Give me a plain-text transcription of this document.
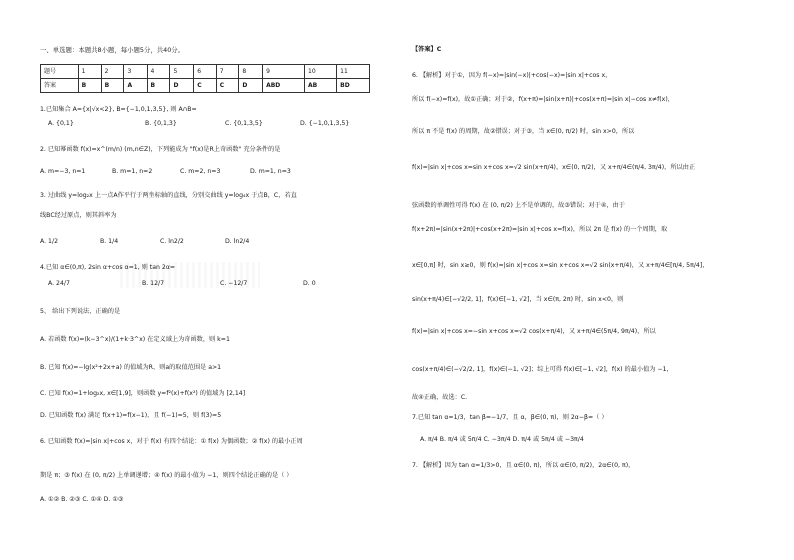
一、单选题：本题共8小题，每小题5分，共40分。
题号	1	2	3	4	5	6	7	8	9	10	11
答案	B	B	A	B	D	C	C	D	ABD	AB	BD
1.已知集合 A={x|√x<2}, B={−1,0,1,3,5}, 则 A∩B=
A. {0,1}	B. {0,1,3}	C. {0,1,3,5}	D. {−1,0,1,3,5}
2. 已知幂函数 f(x)=x^(m/n) (m,n∈Z)，下列能成为 "f(x)是R上奇函数" 充分条件的是
A. m=−3, n=1	B. m=1, n=2	C. m=2, n=3	D. m=1, n=3
3. 过曲线 y=log₂x 上一点A作平行于两坐标轴的直线，分别交曲线 y=log₄x 于点B，C，若直
线BC经过原点，则其斜率为
A. 1/2	B. 1/4	C. ln2/2	D. ln2/4
4.已知 α∈(0,π), 2sin α+cos α=1, 则 tan 2α=
A. 24/7	B. 12/7	C. −12/7	D. 0
5、 给出下列说法，正确的是
A. 若函数 f(x)=(k−3^x)/(1+k·3^x) 在定义域上为奇函数，则 k=1
B. 已知 f(x)=−lg(x²+2x+a) 的值域为R，则a的取值范围是 a>1
C. 已知 f(x)=1+log₂x, x∈[1,9]，则函数 y=f²(x)+f(x²) 的值域为 [2,14]
D. 已知函数 f(x) 满足 f(x+1)=f(x−1)，且 f(−1)=5，则 f(3)=5
6. 已知函数 f(x)=|sin x|+cos x，对于 f(x) 有四个结论：① f(x) 为偶函数；② f(x) 的最小正周
期是 π；③ f(x) 在 (0, π/2) 上单调递增；④ f(x) 的最小值为 −1，则四个结论正确的是（ ）
A. ①② B. ②③ C. ①④ D. ①③
【答案】C
6. 【解析】对于①，因为 f(−x)=|sin(−x)|+cos(−x)=|sin x|+cos x，
所以 f(−x)=f(x)，故①正确；对于②，f(x+π)=|sin(x+π)|+cos(x+π)=|sin x|−cos x≠f(x)，
所以 π 不是 f(x) 的周期，故②错误；对于③，当 x∈(0, π/2) 时，sin x>0，所以
f(x)=|sin x|+cos x=sin x+cos x=√2 sin(x+π/4)，x∈(0, π/2)，又 x+π/4∈(π/4, 3π/4)，所以由正
弦函数的单调性可得 f(x) 在 (0, π/2) 上不是单调的，故③错误；对于④，由于
f(x+2π)=|sin(x+2π)|+cos(x+2π)=|sin x|+cos x=f(x)，所以 2π 是 f(x) 的一个周期，取
x∈[0,π] 时，sin x≥0，则 f(x)=|sin x|+cos x=sin x+cos x=√2 sin(x+π/4)，又 x+π/4∈[π/4, 5π/4]，
sin(x+π/4)∈[−√2/2, 1]，f(x)∈[−1, √2]，当 x∈(π, 2π) 时，sin x<0，则
f(x)=|sin x|+cos x=−sin x+cos x=√2 cos(x+π/4)，又 x+π/4∈(5π/4, 9π/4)，所以
cos(x+π/4)∈(−√2/2, 1]，f(x)∈(−1, √2]；综上可得 f(x)∈[−1, √2]，f(x) 的最小值为 −1，
故④正确，故选：C.
7.已知 tan α=1/3，tan β=−1/7，且 α，β∈(0, π)，则 2α−β=（ ）
A. π/4 B. π/4 或 5π/4 C. −3π/4 D. π/4 或 5π/4 或 −3π/4
7. 【解析】因为 tan α=1/3>0，且 α∈(0, π)，所以 α∈(0, π/2)，2α∈(0, π)，
